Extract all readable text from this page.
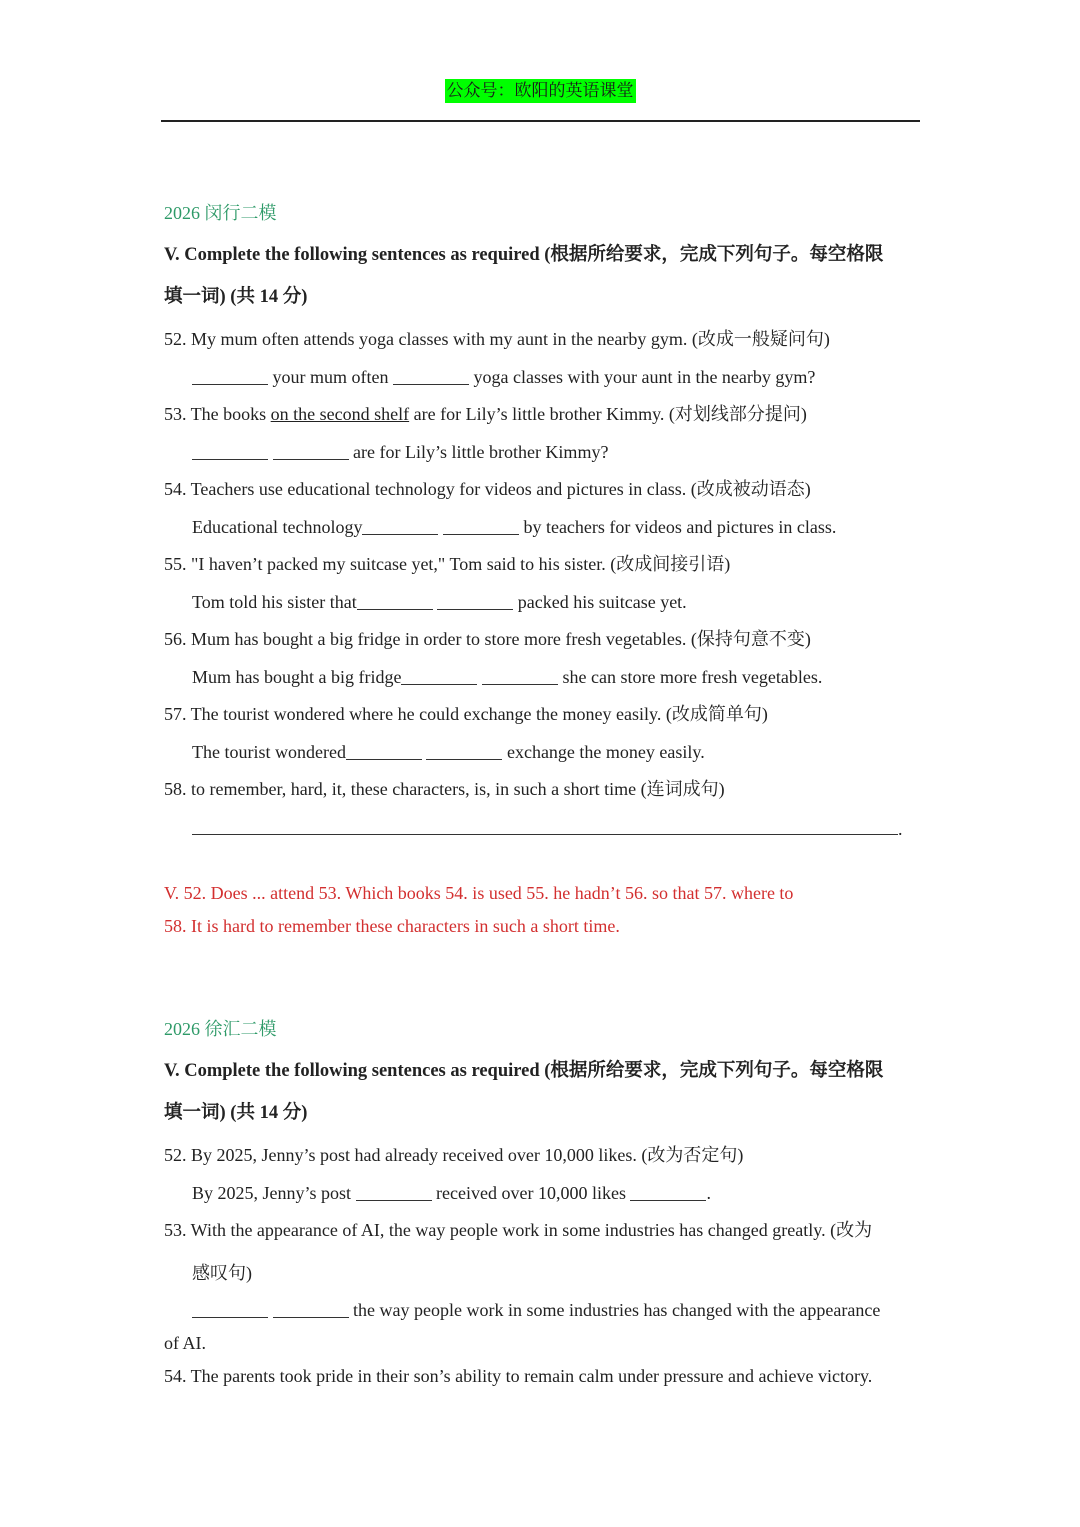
公众号：欧阳的英语课堂
2026 闵行二模
V. Complete the following sentences as required (根据所给要求，完成下列句子。每空格限
填一词) (共 14 分)
52. My mum often attends yoga classes with my aunt in the nearby gym. (改成一般疑问句)
your mum often	yoga classes with your aunt in the nearby gym?
53. The books on the second shelf are for Lily’s little brother Kimmy. (对划线部分提问)
are for Lily’s little brother Kimmy?
54. Teachers use educational technology for videos and pictures in class. (改成被动语态)
Educational technology	by teachers for videos and pictures in class.
55. "I haven’t packed my suitcase yet," Tom said to his sister. (改成间接引语)
Tom told his sister that	packed his suitcase yet.
56. Mum has bought a big fridge in order to store more fresh vegetables. (保持句意不变)
Mum has bought a big fridge	she can store more fresh vegetables.
57. The tourist wondered where he could exchange the money easily. (改成简单句)
The tourist wondered	exchange the money easily.
58. to remember, hard, it, these characters, is, in such a short time (连词成句)
.
V. 52. Does ... attend 53. Which books 54. is used 55. he hadn’t 56. so that 57. where to
58. It is hard to remember these characters in such a short time.
2026 徐汇二模
V. Complete the following sentences as required (根据所给要求，完成下列句子。每空格限
填一词) (共 14 分)
52. By 2025, Jenny’s post had already received over 10,000 likes. (改为否定句)
By 2025, Jenny’s post	received over 10,000 likes	.
53. With the appearance of AI, the way people work in some industries has changed greatly. (改为
感叹句)
the way people work in some industries has changed with the appearance
of AI.
54. The parents took pride in their son’s ability to remain calm under pressure and achieve victory.
